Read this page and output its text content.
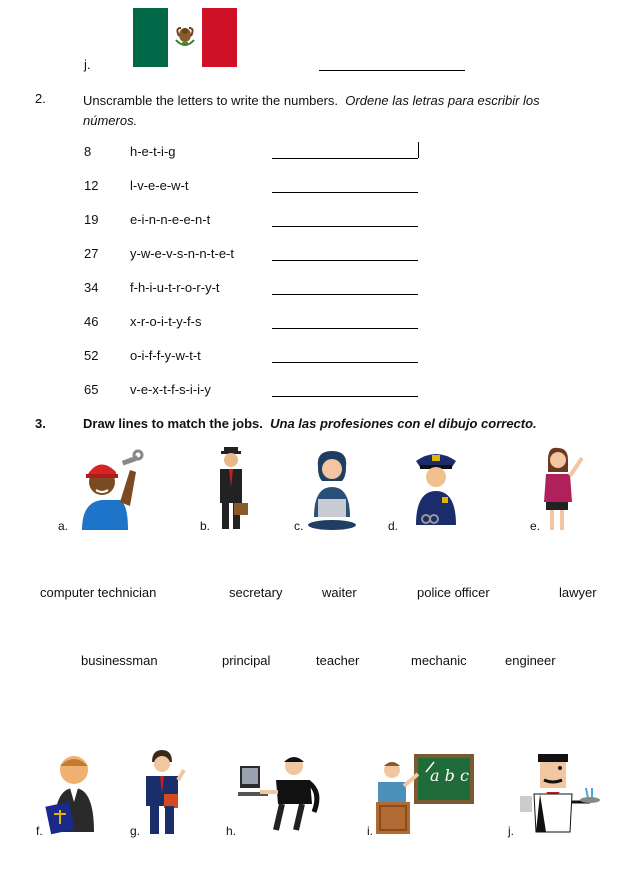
j.
2.	Unscramble the letters to write the numbers. Ordene las letras para escribir los
números.
8	h-e-t-i-g
12 l-v-e-e-w-t
19 e-i-n-n-e-e-n-t
27 y-w-e-v-s-n-n-t-e-t
34 f-h-i-u-t-r-o-r-y-t
46 x-r-o-i-t-y-f-s
52 o-i-f-f-y-w-t-t
65 v-e-x-t-f-s-i-i-y
3.	Draw lines to match the jobs. Una las profesiones con el dibujo correcto.
a.	b.	c.	d.	e.
computer technician	secretary	waiter	police officer	lawyer
businessman	principal	teacher	mechanic	engineer
a b c
f.	g.	h.	i.	j.
